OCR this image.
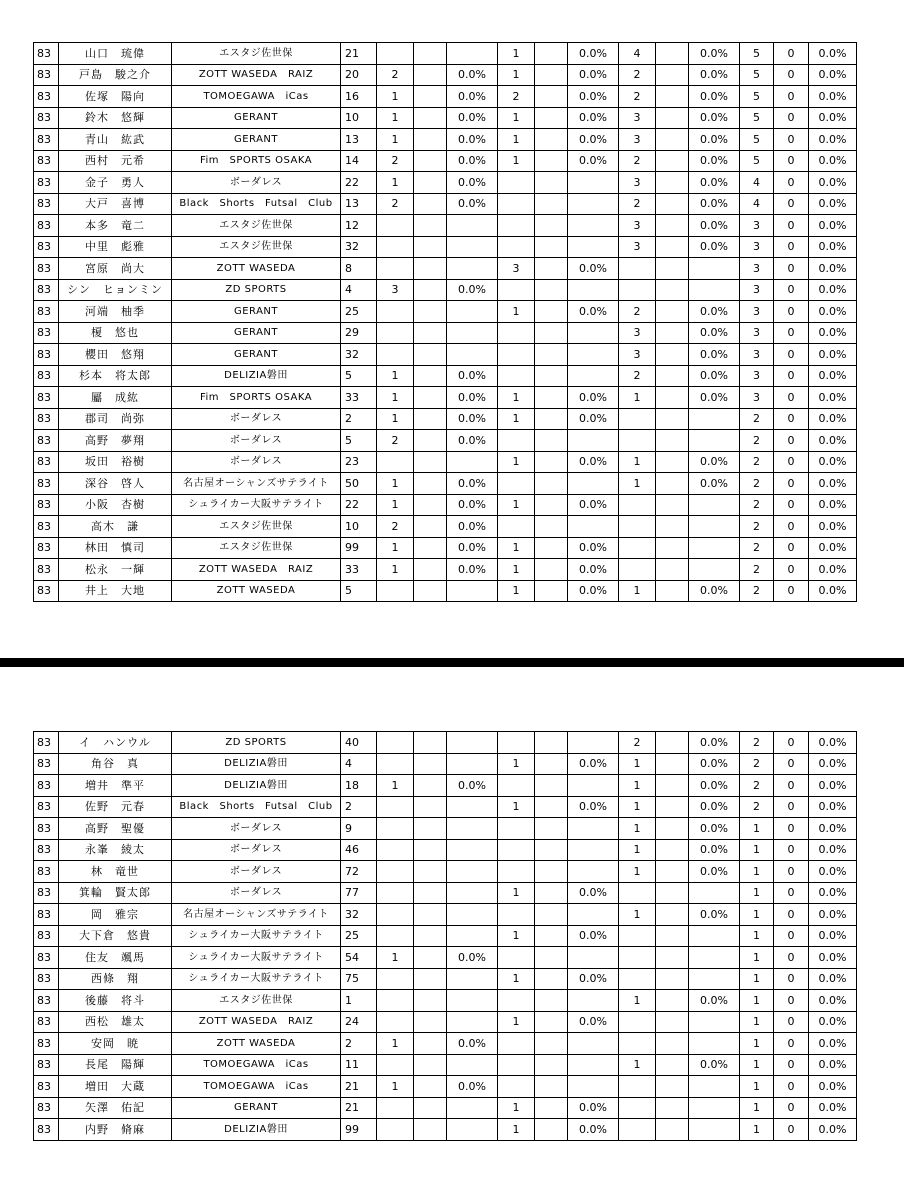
83	山口　琉偉	エスタジ佐世保	21				1		0.0%	4		0.0%	5	0	0.0%
83	戸島　駿之介	ZOTT WASEDA　RAIZ	20	2		0.0%	1		0.0%	2		0.0%	5	0	0.0%
83	佐塚　陽向	TOMOEGAWA　iCas	16	1		0.0%	2		0.0%	2		0.0%	5	0	0.0%
83	鈴木　悠輝	GERANT	10	1		0.0%	1		0.0%	3		0.0%	5	0	0.0%
83	青山　紘武	GERANT	13	1		0.0%	1		0.0%	3		0.0%	5	0	0.0%
83	西村　元希	Fim　SPORTS OSAKA	14	2		0.0%	1		0.0%	2		0.0%	5	0	0.0%
83	金子　勇人	ボーダレス	22	1		0.0%				3		0.0%	4	0	0.0%
83	大戸　喜博	Black　Shorts　Futsal　Club	13	2		0.0%				2		0.0%	4	0	0.0%
83	本多　竜二	エスタジ佐世保	12							3		0.0%	3	0	0.0%
83	中里　彪雅	エスタジ佐世保	32							3		0.0%	3	0	0.0%
83	宮原　尚大	ZOTT WASEDA	8				3		0.0%				3	0	0.0%
83	シン　ヒョンミン	ZD SPORTS	4	3		0.0%							3	0	0.0%
83	河端　柚季	GERANT	25				1		0.0%	2		0.0%	3	0	0.0%
83	榎　悠也	GERANT	29							3		0.0%	3	0	0.0%
83	櫻田　悠翔	GERANT	32							3		0.0%	3	0	0.0%
83	杉本　将太郎	DELIZIA磐田	5	1		0.0%				2		0.0%	3	0	0.0%
83	屬　成紘	Fim　SPORTS OSAKA	33	1		0.0%	1		0.0%	1		0.0%	3	0	0.0%
83	郡司　尚弥	ボーダレス	2	1		0.0%	1		0.0%				2	0	0.0%
83	高野　夢翔	ボーダレス	5	2		0.0%							2	0	0.0%
83	坂田　裕樹	ボーダレス	23				1		0.0%	1		0.0%	2	0	0.0%
83	深谷　啓人	名古屋オーシャンズサテライト	50	1		0.0%				1		0.0%	2	0	0.0%
83	小阪　杏樹	シュライカー大阪サテライト	22	1		0.0%	1		0.0%				2	0	0.0%
83	高木　謙	エスタジ佐世保	10	2		0.0%							2	0	0.0%
83	林田　慎司	エスタジ佐世保	99	1		0.0%	1		0.0%				2	0	0.0%
83	松永　一輝	ZOTT WASEDA　RAIZ	33	1		0.0%	1		0.0%				2	0	0.0%
83	井上　大地	ZOTT WASEDA	5				1		0.0%	1		0.0%	2	0	0.0%
83	イ　ハンウル	ZD SPORTS	40							2		0.0%	2	0	0.0%
83	角谷　真	DELIZIA磐田	4				1		0.0%	1		0.0%	2	0	0.0%
83	増井　準平	DELIZIA磐田	18	1		0.0%				1		0.0%	2	0	0.0%
83	佐野　元春	Black　Shorts　Futsal　Club	2				1		0.0%	1		0.0%	2	0	0.0%
83	高野　聖優	ボーダレス	9							1		0.0%	1	0	0.0%
83	永峯　綾太	ボーダレス	46							1		0.0%	1	0	0.0%
83	林　竜世	ボーダレス	72							1		0.0%	1	0	0.0%
83	箕輪　賢太郎	ボーダレス	77				1		0.0%				1	0	0.0%
83	岡　雅宗	名古屋オーシャンズサテライト	32							1		0.0%	1	0	0.0%
83	大下倉　悠貴	シュライカー大阪サテライト	25				1		0.0%				1	0	0.0%
83	住友　颯馬	シュライカー大阪サテライト	54	1		0.0%							1	0	0.0%
83	西條　翔	シュライカー大阪サテライト	75				1		0.0%				1	0	0.0%
83	後藤　将斗	エスタジ佐世保	1							1		0.0%	1	0	0.0%
83	西松　雄太	ZOTT WASEDA　RAIZ	24				1		0.0%				1	0	0.0%
83	安岡　暁	ZOTT WASEDA	2	1		0.0%							1	0	0.0%
83	長尾　陽輝	TOMOEGAWA　iCas	11							1		0.0%	1	0	0.0%
83	増田　大蔵	TOMOEGAWA　iCas	21	1		0.0%							1	0	0.0%
83	矢澤　佑記	GERANT	21				1		0.0%				1	0	0.0%
83	内野　脩麻	DELIZIA磐田	99				1		0.0%				1	0	0.0%
